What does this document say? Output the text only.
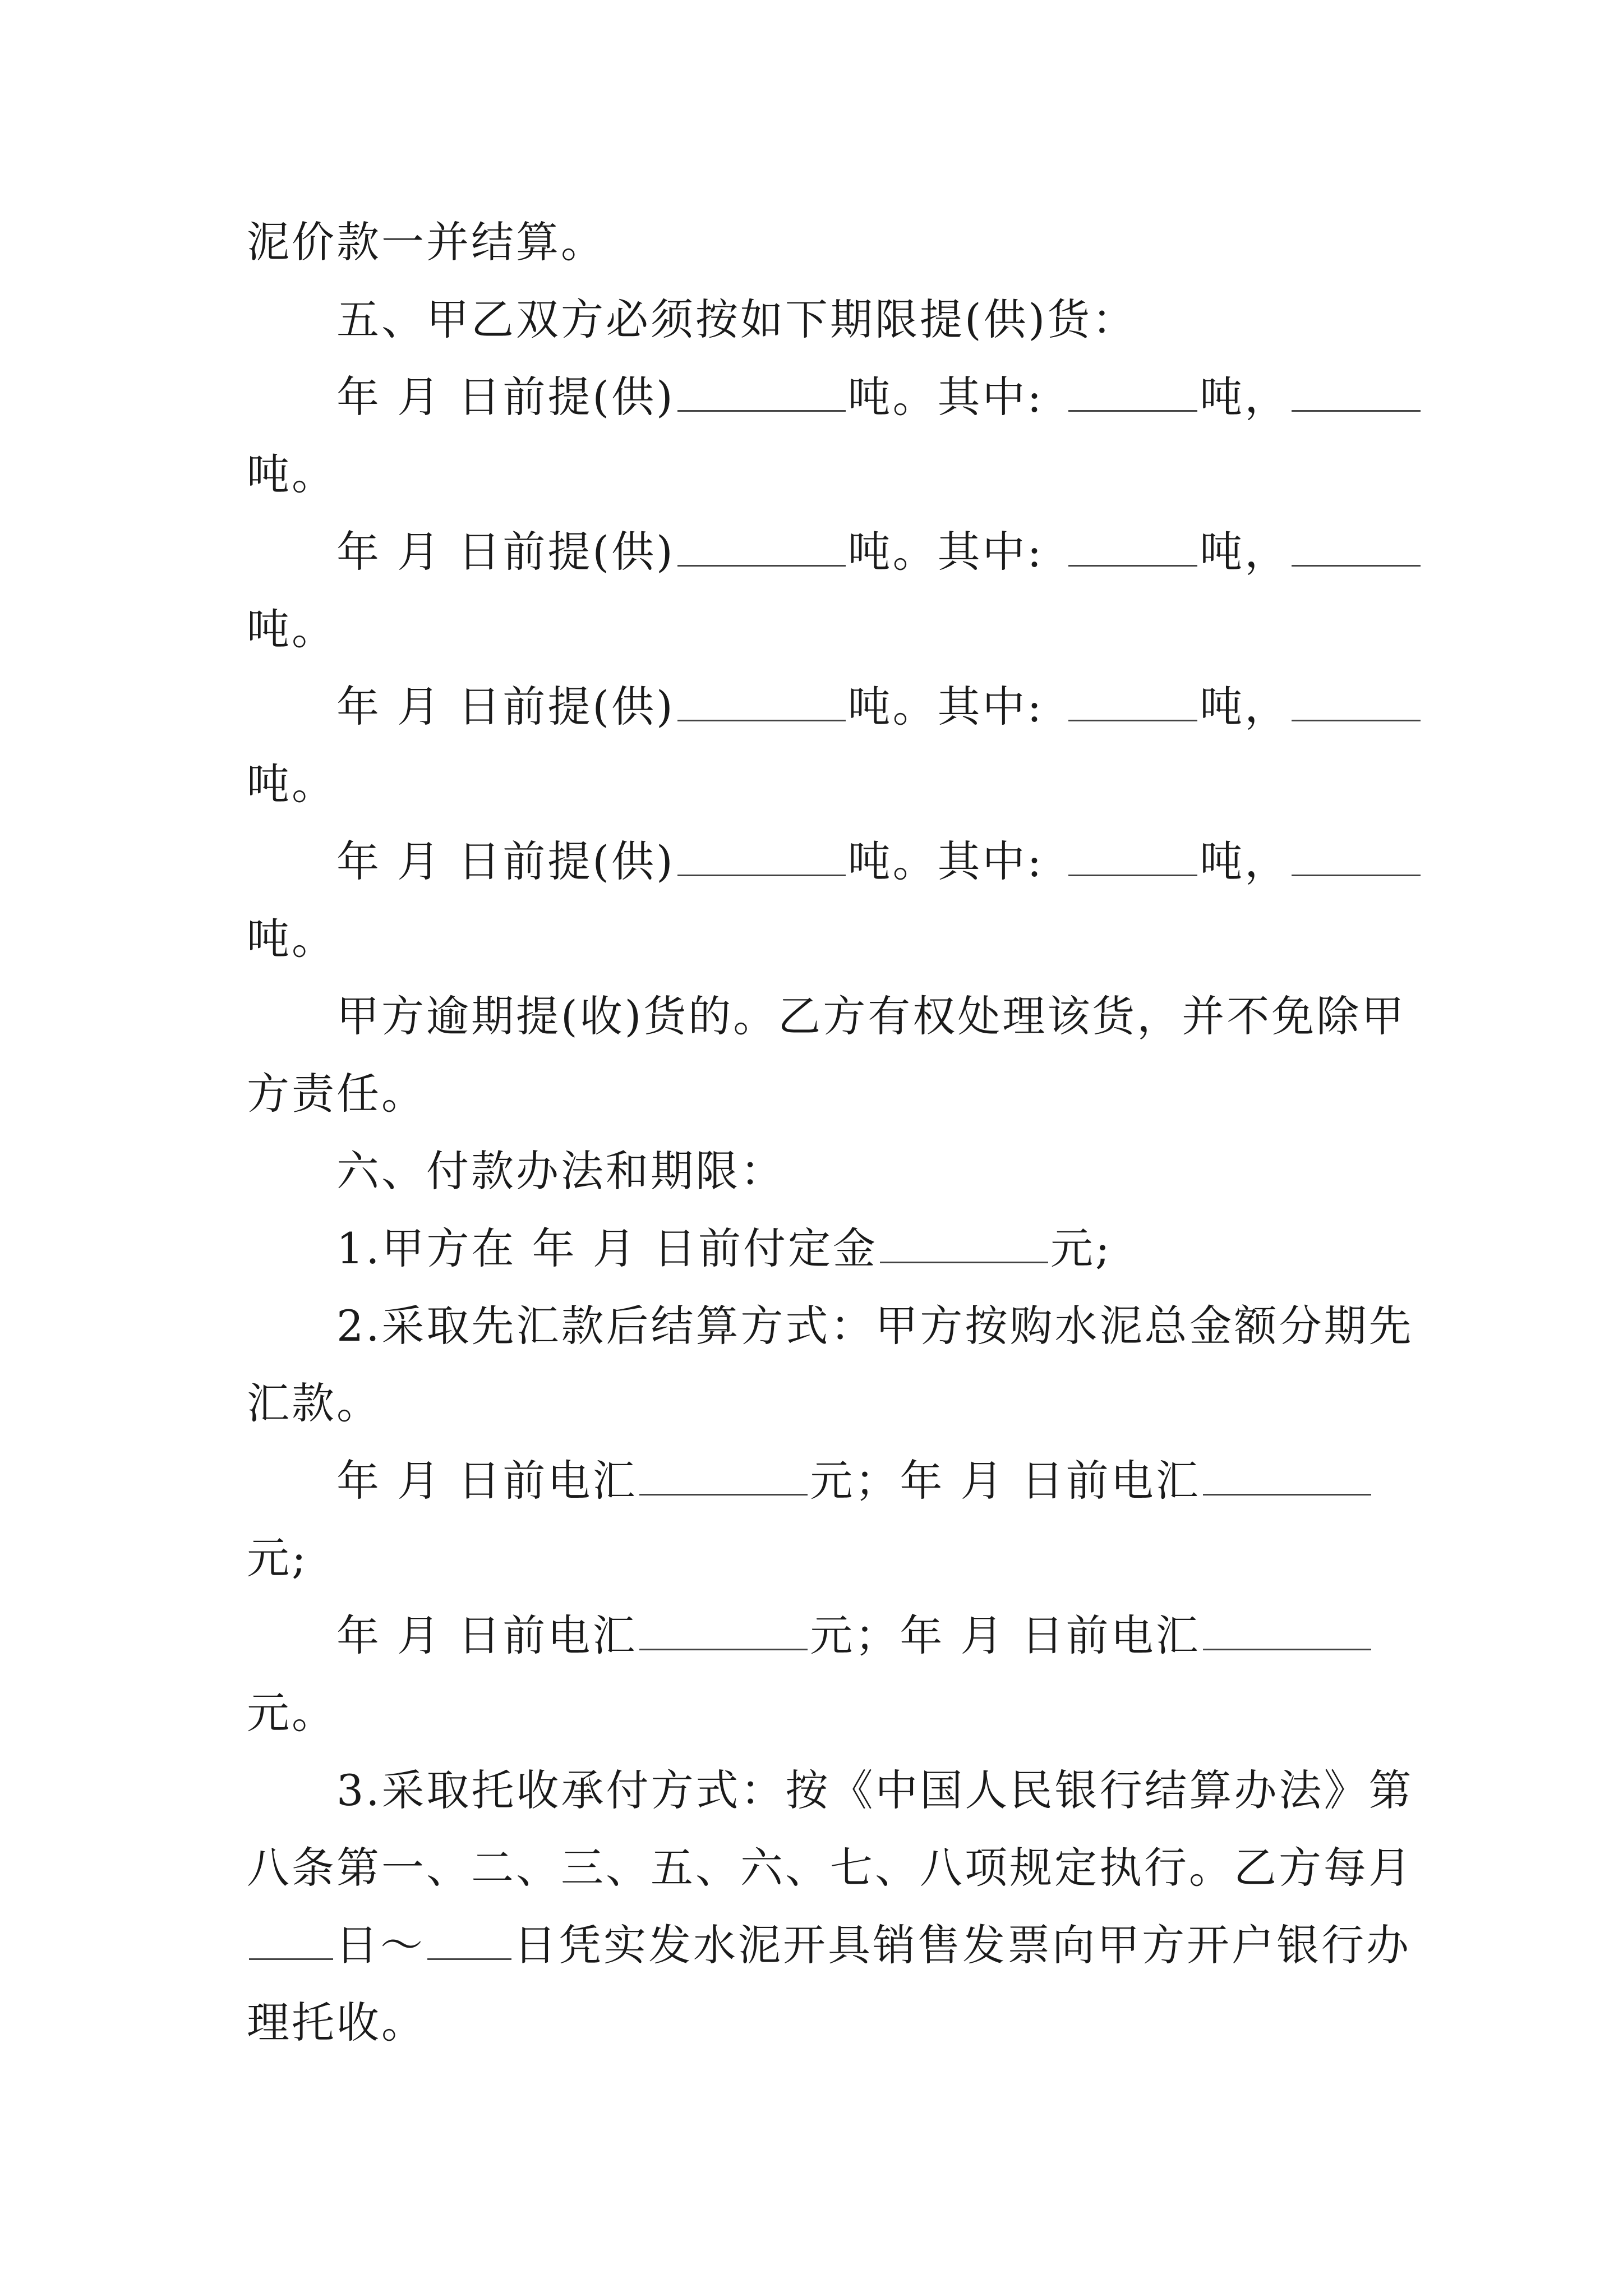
泥价款一并结算。
五、甲乙双方必须按如下期限提(供)货：
年 月 日前提(供)	吨。其中:	吨，
吨。
年 月 日前提(供)	吨。其中:	吨，
吨。
年 月 日前提(供)	吨。其中:	吨，
吨。
年 月 日前提(供)	吨。其中:	吨，
吨。
甲方逾期提(收)货的。乙方有权处理该货，并不免除甲
方责任。
六、付款办法和期限：
1.甲方在 年 月 日前付定金	元;
2.采取先汇款后结算方式：甲方按购水泥总金额分期先
汇款。
年 月 日前电汇	元；年 月 日前电汇
元;
年 月 日前电汇	元；年 月 日前电汇
元。
3.采取托收承付方式：按《中国人民银行结算办法》第
八条第一、二、三、五、六、七、八项规定执行。乙方每月
日～ 日凭实发水泥开具销售发票向甲方开户银行办
理托收。
